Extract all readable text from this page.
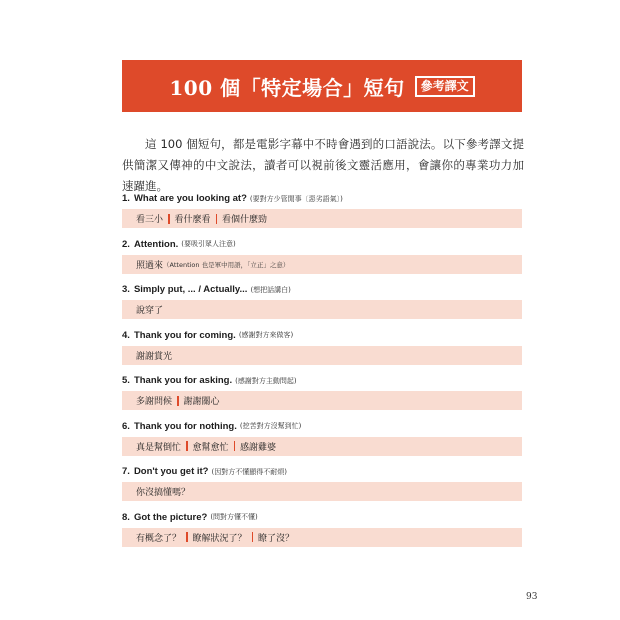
100 個「特定場合」短句	參考譯文

這 100 個短句，都是電影字幕中不時會遇到的口語說法。以下參考譯文提供簡潔又傳神的中文說法，讀者可以視前後文靈活應用，會讓你的專業功力加速躍進。

1. What are you looking at? (要對方少管閒事〔惡劣語氣〕)
看三小 看什麼看 看個什麼勁
2. Attention. (要吸引眾人注意)
照過來 （Attention 也是軍中用語，「立正」之意）
3. Simply put, ... / Actually... (想把話講白)
說穿了
4. Thank you for coming. (感謝對方來做客)
謝謝賞光
5. Thank you for asking. (感謝對方主動問起)
多謝問候 謝謝關心
6. Thank you for nothing. (挖苦對方沒幫到忙)
真是幫倒忙 愈幫愈忙 感謝雞婆
7. Don't you get it? (因對方不懂顯得不耐煩)
你沒搞懂嗎？
8. Got the picture? (問對方懂不懂)
有概念了？ 瞭解狀況了？ 瞭了沒？
93
